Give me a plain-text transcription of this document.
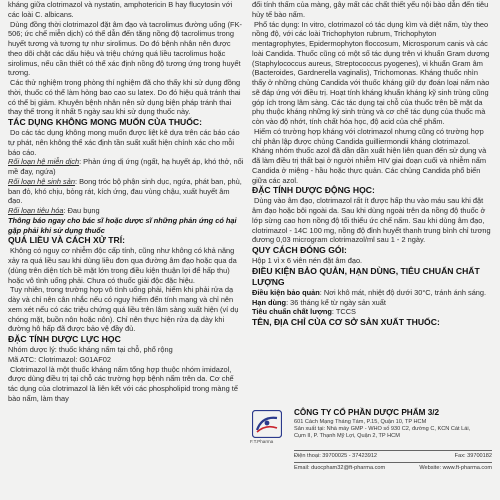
kháng giữa clotrimazol và nystatin, amphotericin B hay flucytosin với các loài C. albicans.

Dùng đồng thời clotrimazol đặt âm đạo và tacrolimus đường uống (FK-506; ức chế miễn dịch) có thể dẫn đến tăng nồng độ tacrolimus trong huyết tương và tương tự như sirolimus. Do đó bệnh nhân nên được theo dõi chặt các dấu hiệu và triệu chứng quá liều tacrolimus hoặc sirolimus, nếu cần thiết có thể xác định nồng độ tương ứng trong huyết tương.

Các thử nghiệm trong phòng thí nghiệm đã cho thấy khi sử dụng đồng thời, thuốc có thể làm hỏng bao cao su latex. Do đó hiệu quả tránh thai có thể bị giảm. Khuyên bệnh nhân nên sử dụng biện pháp tránh thai thay thế trong ít nhất 5 ngày sau khi sử dụng thuốc này.

TÁC DỤNG KHÔNG MONG MUỐN CỦA THUỐC:

Do các tác dụng không mong muốn được liệt kê dựa trên các báo cáo tự phát, nên không thể xác định tần suất xuất hiện chính xác cho mỗi báo cáo.

Rối loạn hệ miễn dịch: Phản ứng dị ứng (ngất, hạ huyết áp, khó thở, nổi mề đay, ngứa)

Rối loạn hệ sinh sản: Bong tróc bộ phận sinh dục, ngứa, phát ban, phù, ban đỏ, khó chịu, bỏng rát, kích ứng, đau vùng chậu, xuất huyết âm đạo.

Rối loạn tiêu hóa: Đau bụng

Thông báo ngay cho bác sĩ hoặc dược sĩ những phản ứng có hại gặp phải khi sử dụng thuốc

QUÁ LIỀU VÀ CÁCH XỬ TRÍ:

Không có nguy cơ nhiễm độc cấp tính, cũng như không có khả năng xảy ra quá liều sau khi dùng liều đơn qua đường âm đạo hoặc qua da (dùng trên diện tích bề mặt lớn trong điều kiện thuận lợi để hấp thu) hoặc vô tình uống phải. Chưa có thuốc giải độc đặc hiệu.

Tuy nhiên, trong trường hợp vô tình uống phải, hiếm khi phải rửa dạ dày và chỉ nên cân nhắc nếu có nguy hiểm đến tính mạng và chỉ nên xem xét nếu có các triệu chứng quá liều trên lâm sàng xuất hiện (ví dụ chóng mặt, buồn nôn hoặc nôn). Chỉ nên thực hiện rửa dạ dày khi đường hô hấp đã được bảo vệ đầy đủ.

ĐẶC TÍNH DƯỢC LỰC HỌC

Nhóm dược lý: thuốc kháng nấm tại chỗ, phổ rộng

Mã ATC: Clotrimazol: G01AF02

Clotrimazol là một thuốc kháng nấm tổng hợp thuộc nhóm imidazol, được dùng điều trị tại chỗ các trường hợp bệnh nấm trên da. Cơ chế tác dụng của clotrimazol là liên kết với các phospholipid trong màng tế bào nấm, làm thay

đổi tính thấm của màng, gây mất các chất thiết yếu nội bào dẫn đến tiêu hủy tế bào nấm.

Phổ tác dụng: In vitro, clotrimazol có tác dụng kìm và diệt nấm, tùy theo nồng độ, với các loài Trichophyton rubrum, Trichophyton mentagrophytes, Epidermophyton floccosum, Microsporum canis và các loài Candida. Thuốc cũng có một số tác dụng trên vi khuẩn Gram dương (Staphylococcus aureus, Streptococcus pyogenes), vi khuẩn Gram âm (Bacteroides, Gardnerella vaginalis), Trichomonas. Kháng thuốc nhìn thấy ở những chủng Candida với thuốc kháng giữ dự đoán loại nấm nào sẽ đáp ứng với điều trị. Hoạt tính kháng khuẩn kháng kỹ sinh trùng cũng góp ích trong lâm sàng. Các tác dụng tại chỗ của thuốc trên bề mặt da phụ thuộc kháng những ký sinh trùng và cơ chế tác dụng của thuốc mà còn vào độ nhớt, tính chất hóa học, độ acid của chế phẩm.

Hiếm có trường hợp kháng với clotrimazol nhưng cũng có trường hợp chỉ phân lập được chủng Candida guilliermondii kháng clotrimazol. Kháng nhóm thuốc azol đã dần dần xuất hiện liên quan đến sử dụng và đã làm điều trị thất bại ở người nhiễm HIV giai đoạn cuối và nhiễm nấm Candida ở miệng - hầu hoặc thực quản. Các chủng Candida phổ biến giữa các azol.

ĐẶC TÍNH DƯỢC ĐỘNG HỌC:

Dùng vào âm đạo, clotrimazol rất ít được hấp thu vào máu sau khi đặt âm đạo hoặc bôi ngoài da. Sau khi dùng ngoài trên da nồng độ thuốc ở lớp sừng cao hơn nồng độ tối thiểu ức chế nấm. Sau khi dùng âm đạo, clotrimazol - 14C 100 mg, nồng độ đỉnh huyết thanh trung bình chỉ tương đương 0,03 microgram clotrimazol/ml sau 1 - 2 ngày.

QUY CÁCH ĐÓNG GÓI:

Hộp 1 vỉ x 6 viên nén đặt âm đạo.

ĐIỀU KIỆN BẢO QUẢN, HẠN DÙNG, TIÊU CHUẨN CHẤT LƯỢNG

Điều kiện bảo quản: Nơi khô mát, nhiệt độ dưới 30°C, tránh ánh sáng.

Hạn dùng: 36 tháng kể từ ngày sản xuất

Tiêu chuẩn chất lượng: TCCS

TÊN, ĐỊA CHỈ CỦA CƠ SỞ SẢN XUẤT THUỐC:

F.T.Pharma
CÔNG TY CỔ PHẦN DƯỢC PHẨM 3/2
601 Cách Mạng Tháng Tám, P.15, Quận 10, TP HCM
Sản xuất tại: Nhà máy GMP - WHO số 930 C2, đường C, KCN Cát Lái,
Cụm II, P. Thạnh Mỹ Lợi, Quận 2, TP HCM
Điện thoại: 39700025 - 37423912	Fax: 39700182
Email: duocpham32@ft-pharma.com	Website: www.ft-pharma.com
